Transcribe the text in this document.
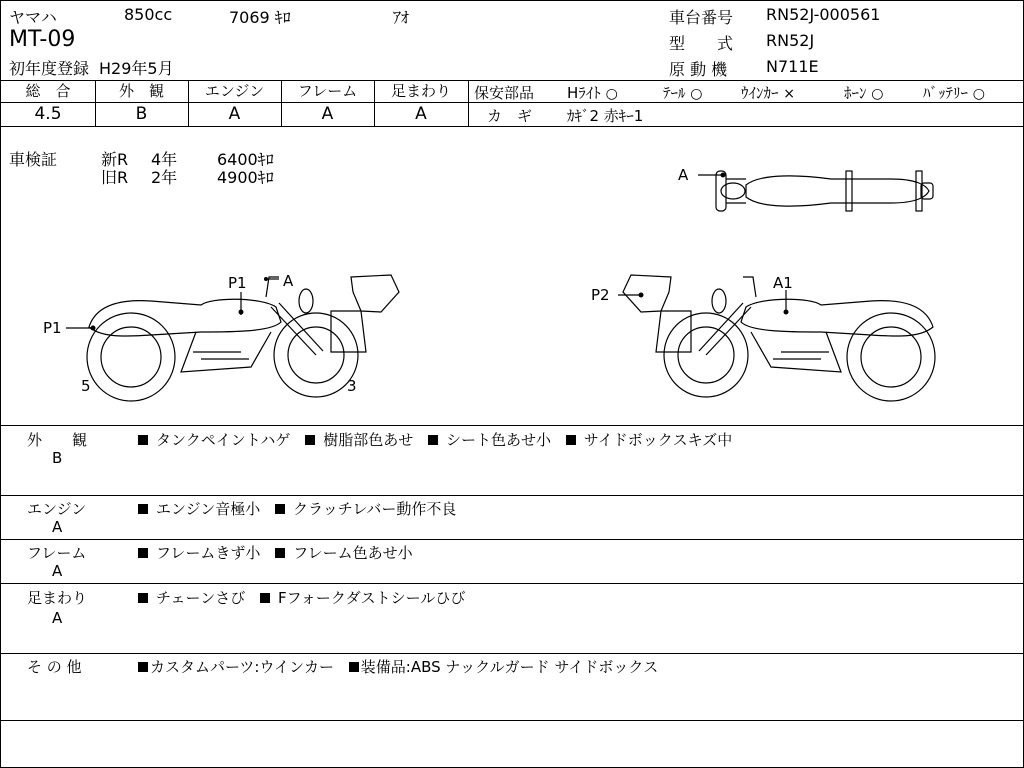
ヤマハ	850cc	7069 ｷﾛ	ｱｵ
MT-09
初年度登録 H29年5月
車台番号 RN52J-000561
型　　式 RN52J
原 動 機 N711E
総　合	外　観	エンジン	フレーム	足まわり
4.5	B	A	A	A
保安部品 Hﾗｲﾄ ○	ﾃｰﾙ ○	ｳｲﾝｶｰ ×	ﾎｰﾝ ○	ﾊﾞｯﾃﾘｰ ○
カ　ギ ｶｷﾞ2 赤ｷｰ1
車検証	新R 4年 6400ｷﾛ
旧R 2年 4900ｷﾛ	A
P1 A
P1
5	3
P2
A1
外　　観
B
タンクペイントハゲ 樹脂部色あせ シート色あせ小 サイドボックスキズ中
エンジン
A
エンジン音極小 クラッチレバー動作不良
フレーム
A
フレームきず小 フレーム色あせ小
足まわり
A
チェーンさび Fフォークダストシールひび
そ の 他	カスタムパーツ:ウインカー 装備品:ABS ナックルガード サイドボックス
